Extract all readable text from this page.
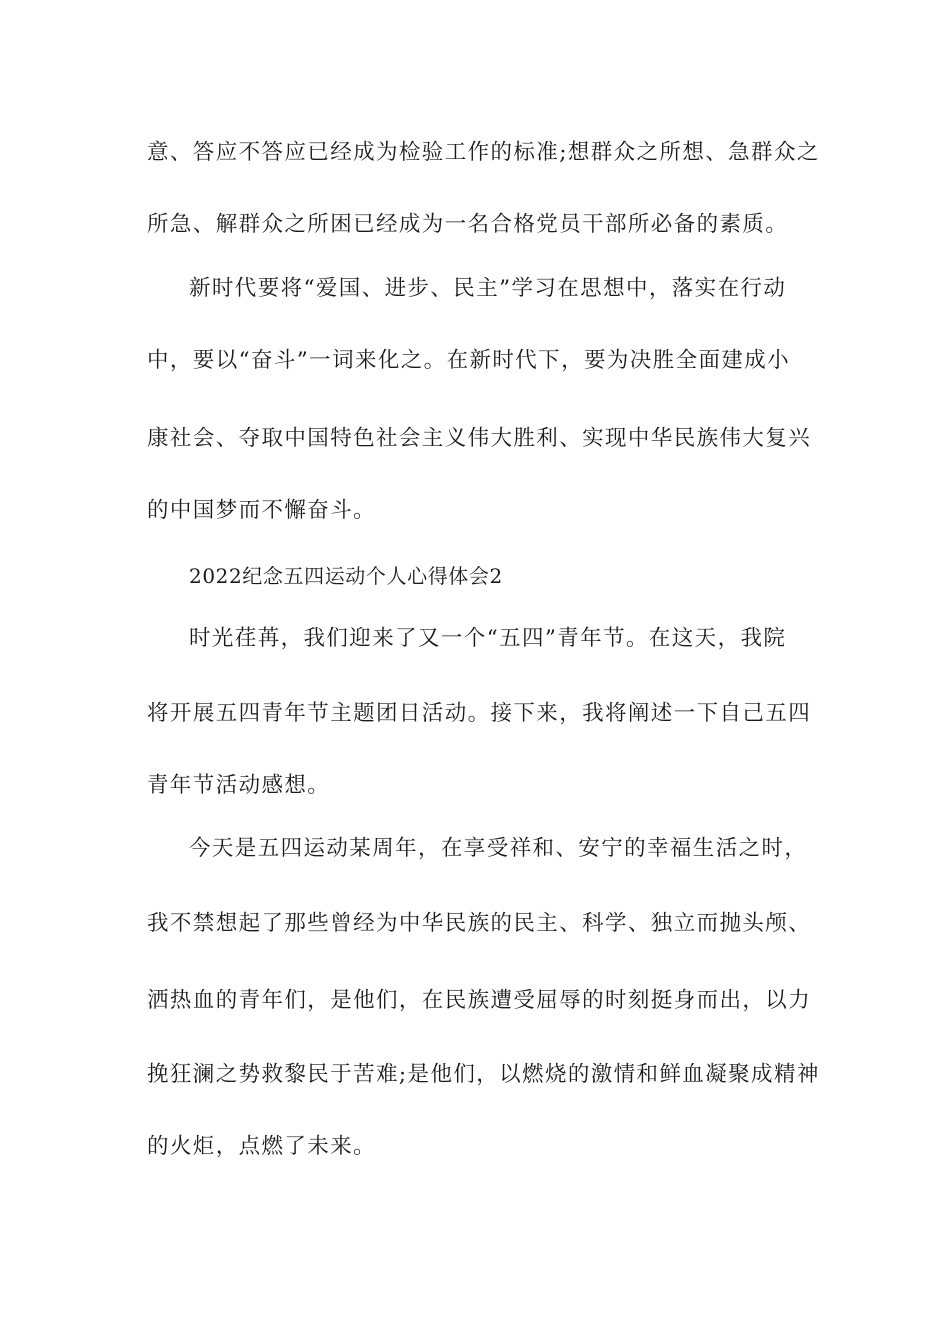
意、答应不答应已经成为检验工作的标准;想群众之所想、急群众之
所急、解群众之所困已经成为一名合格党员干部所必备的素质。
新时代要将“爱国、进步、民主”学习在思想中，落实在行动
中，要以“奋斗”一词来化之。在新时代下，要为决胜全面建成小
康社会、夺取中国特色社会主义伟大胜利、实现中华民族伟大复兴
的中国梦而不懈奋斗。
2022纪念五四运动个人心得体会2
时光荏苒，我们迎来了又一个“五四”青年节。在这天，我院
将开展五四青年节主题团日活动。接下来，我将阐述一下自己五四
青年节活动感想。
今天是五四运动某周年，在享受祥和、安宁的幸福生活之时，
我不禁想起了那些曾经为中华民族的民主、科学、独立而抛头颅、
洒热血的青年们，是他们，在民族遭受屈辱的时刻挺身而出，以力
挽狂澜之势救黎民于苦难;是他们，以燃烧的激情和鲜血凝聚成精神
的火炬，点燃了未来。
